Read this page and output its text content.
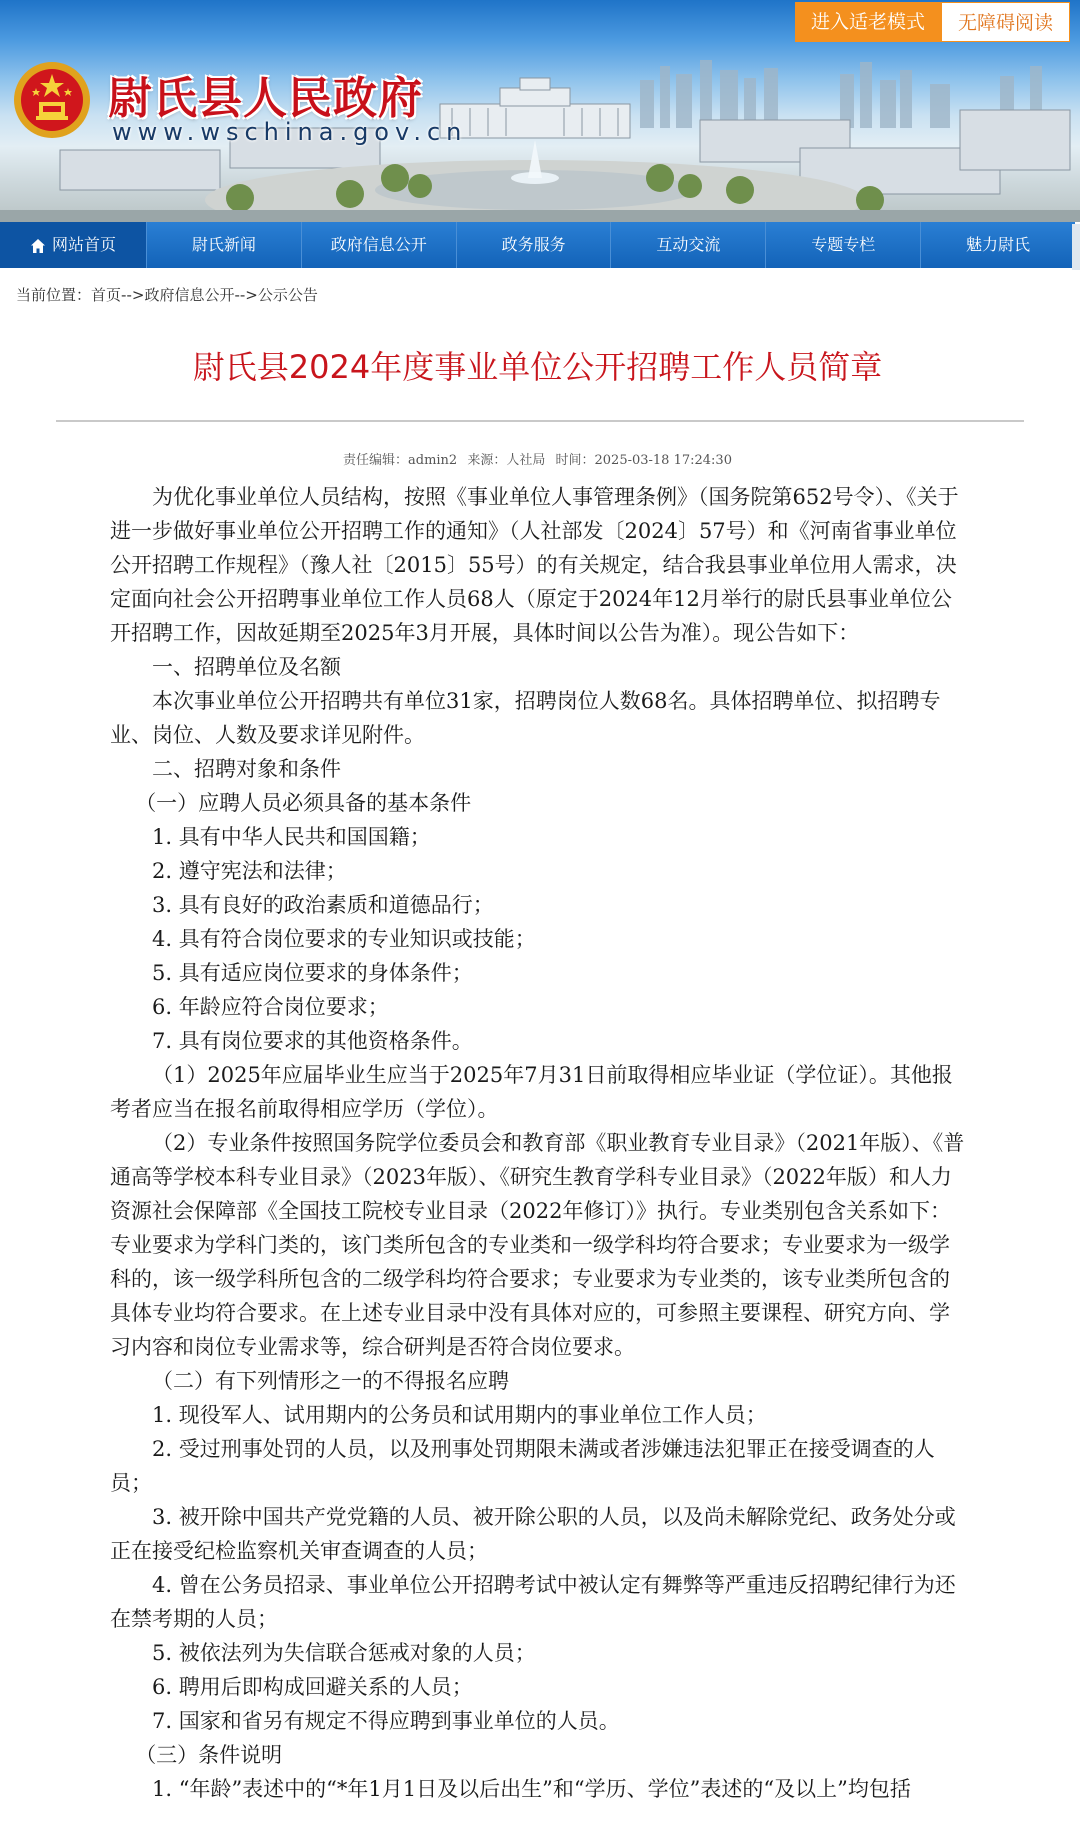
尉氏县人民政府
www.wschina.gov.cn
进入适老模式	无障碍阅读
网站首页	尉氏新闻	政府信息公开	政务服务	互动交流	专题专栏	魅力尉氏
当前位置：首页-->政府信息公开-->公示公告
尉氏县2024年度事业单位公开招聘工作人员简章
责任编辑：admin2 来源：人社局 时间：2025-03-18 17:24:30

为优化事业单位人员结构，按照《事业单位人事管理条例》（国务院第652号令）、《关于进一步做好事业单位公开招聘工作的通知》（人社部发〔2024〕57号）和《河南省事业单位公开招聘工作规程》（豫人社〔2015〕55号）的有关规定，结合我县事业单位用人需求，决定面向社会公开招聘事业单位工作人员68人（原定于2024年12月举行的尉氏县事业单位公开招聘工作，因故延期至2025年3月开展，具体时间以公告为准）。现公告如下：

一、招聘单位及名额

本次事业单位公开招聘共有单位31家，招聘岗位人数68名。具体招聘单位、拟招聘专业、岗位、人数及要求详见附件。

二、招聘对象和条件

（一）应聘人员必须具备的基本条件

1. 具有中华人民共和国国籍；

2. 遵守宪法和法律；

3. 具有良好的政治素质和道德品行；

4. 具有符合岗位要求的专业知识或技能；

5. 具有适应岗位要求的身体条件；

6. 年龄应符合岗位要求；

7. 具有岗位要求的其他资格条件。

（1）2025年应届毕业生应当于2025年7月31日前取得相应毕业证（学位证）。其他报考者应当在报名前取得相应学历（学位）。

（2）专业条件按照国务院学位委员会和教育部《职业教育专业目录》（2021年版）、《普通高等学校本科专业目录》（2023年版）、《研究生教育学科专业目录》（2022年版）和人力资源社会保障部《全国技工院校专业目录（2022年修订）》执行。专业类别包含关系如下：专业要求为学科门类的，该门类所包含的专业类和一级学科均符合要求；专业要求为一级学科的，该一级学科所包含的二级学科均符合要求；专业要求为专业类的，该专业类所包含的具体专业均符合要求。在上述专业目录中没有具体对应的，可参照主要课程、研究方向、学习内容和岗位专业需求等，综合研判是否符合岗位要求。

（二）有下列情形之一的不得报名应聘

1. 现役军人、试用期内的公务员和试用期内的事业单位工作人员；

2. 受过刑事处罚的人员，以及刑事处罚期限未满或者涉嫌违法犯罪正在接受调查的人员；

3. 被开除中国共产党党籍的人员、被开除公职的人员，以及尚未解除党纪、政务处分或正在接受纪检监察机关审查调查的人员；

4. 曾在公务员招录、事业单位公开招聘考试中被认定有舞弊等严重违反招聘纪律行为还在禁考期的人员；

5. 被依法列为失信联合惩戒对象的人员；

6. 聘用后即构成回避关系的人员；

7. 国家和省另有规定不得应聘到事业单位的人员。

（三）条件说明

1. “年龄”表述中的“*年1月1日及以后出生”和“学历、学位”表述的“及以上”均包括
